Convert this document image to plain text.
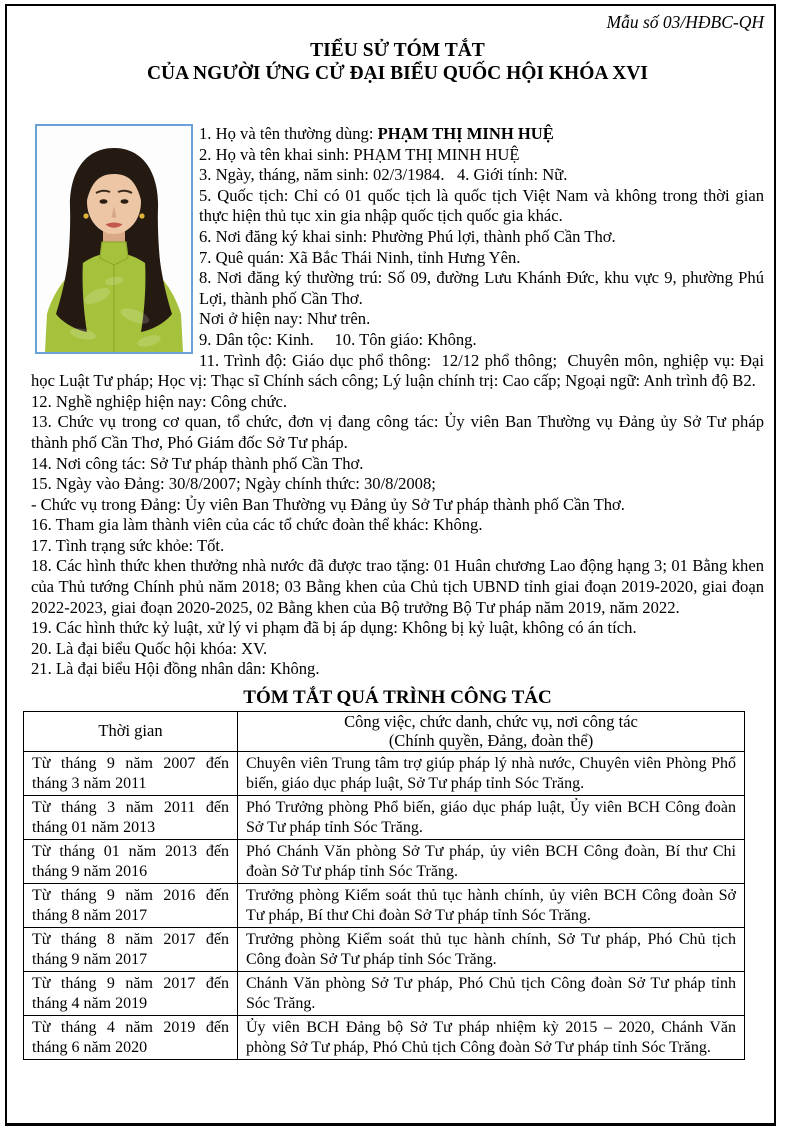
Mẫu số 03/HĐBC-QH
TIỂU SỬ TÓM TẮT
CỦA NGƯỜI ỨNG CỬ ĐẠI BIỂU QUỐC HỘI KHÓA XVI
1. Họ và tên thường dùng: PHẠM THỊ MINH HUỆ
2. Họ và tên khai sinh: PHẠM THỊ MINH HUỆ
3. Ngày, tháng, năm sinh: 02/3/1984.   4. Giới tính: Nữ.
5. Quốc tịch: Chỉ có 01 quốc tịch là quốc tịch Việt Nam và không trong thời gian thực hiện thủ tục xin gia nhập quốc tịch quốc gia khác.
6. Nơi đăng ký khai sinh: Phường Phú lợi, thành phố Cần Thơ.
7. Quê quán: Xã Bắc Thái Ninh, tỉnh Hưng Yên.
8. Nơi đăng ký thường trú: Số 09, đường Lưu Khánh Đức, khu vực 9, phường Phú Lợi, thành phố Cần Thơ.
Nơi ở hiện nay: Như trên.
9. Dân tộc: Kinh.     10. Tôn giáo: Không.
11. Trình độ: Giáo dục phổ thông:  12/12 phổ thông;  Chuyên môn, nghiệp vụ: Đại học Luật Tư pháp; Học vị: Thạc sĩ Chính sách công; Lý luận chính trị: Cao cấp; Ngoại ngữ: Anh trình độ B2.
12. Nghề nghiệp hiện nay: Công chức.
13. Chức vụ trong cơ quan, tổ chức, đơn vị đang công tác: Ủy viên Ban Thường vụ Đảng ủy Sở Tư pháp thành phố Cần Thơ, Phó Giám đốc Sở Tư pháp.
14. Nơi công tác: Sở Tư pháp thành phố Cần Thơ.
15. Ngày vào Đảng: 30/8/2007; Ngày chính thức: 30/8/2008;
- Chức vụ trong Đảng: Ủy viên Ban Thường vụ Đảng ủy Sở Tư pháp thành phố Cần Thơ.
16. Tham gia làm thành viên của các tổ chức đoàn thể khác: Không.
17. Tình trạng sức khỏe: Tốt.
18. Các hình thức khen thưởng nhà nước đã được trao tặng: 01 Huân chương Lao động hạng 3; 01 Bằng khen của Thủ tướng Chính phủ năm 2018; 03 Bằng khen của Chủ tịch UBND tỉnh giai đoạn 2019-2020, giai đoạn 2022-2023, giai đoạn 2020-2025, 02 Bằng khen của Bộ trưởng Bộ Tư pháp năm 2019, năm 2022.
19. Các hình thức kỷ luật, xử lý vi phạm đã bị áp dụng: Không bị kỷ luật, không có án tích.
20. Là đại biểu Quốc hội khóa: XV.
21. Là đại biểu Hội đồng nhân dân: Không.
TÓM TẮT QUÁ TRÌNH CÔNG TÁC
Thời gian	Công việc, chức danh, chức vụ, nơi công tác
(Chính quyền, Đảng, đoàn thể)

Từ tháng 9 năm 2007 đến tháng 3 năm 2011	Chuyên viên Trung tâm trợ giúp pháp lý nhà nước, Chuyên viên Phòng Phổ biến, giáo dục pháp luật, Sở Tư pháp tỉnh Sóc Trăng.
Từ tháng 3 năm 2011 đến tháng 01 năm 2013	Phó Trưởng phòng Phổ biến, giáo dục pháp luật, Ủy viên BCH Công đoàn Sở Tư pháp tỉnh Sóc Trăng.
Từ tháng 01 năm 2013 đến tháng 9 năm 2016	Phó Chánh Văn phòng Sở Tư pháp, ủy viên BCH Công đoàn, Bí thư Chi đoàn Sở Tư pháp tỉnh Sóc Trăng.
Từ tháng 9 năm 2016 đến tháng 8 năm 2017	Trưởng phòng Kiểm soát thủ tục hành chính, ủy viên BCH Công đoàn Sở Tư pháp, Bí thư Chi đoàn Sở Tư pháp tỉnh Sóc Trăng.
Từ tháng 8 năm 2017 đến tháng 9 năm 2017	Trưởng phòng Kiểm soát thủ tục hành chính, Sở Tư pháp, Phó Chủ tịch Công đoàn Sở Tư pháp tỉnh Sóc Trăng.
Từ tháng 9 năm 2017 đến tháng 4 năm 2019	Chánh Văn phòng Sở Tư pháp, Phó Chủ tịch Công đoàn Sở Tư pháp tỉnh Sóc Trăng.
Từ tháng 4 năm 2019 đến tháng 6 năm 2020	Ủy viên BCH Đảng bộ Sở Tư pháp nhiệm kỳ 2015 – 2020, Chánh Văn phòng Sở Tư pháp, Phó Chủ tịch Công đoàn Sở Tư pháp tỉnh Sóc Trăng.
